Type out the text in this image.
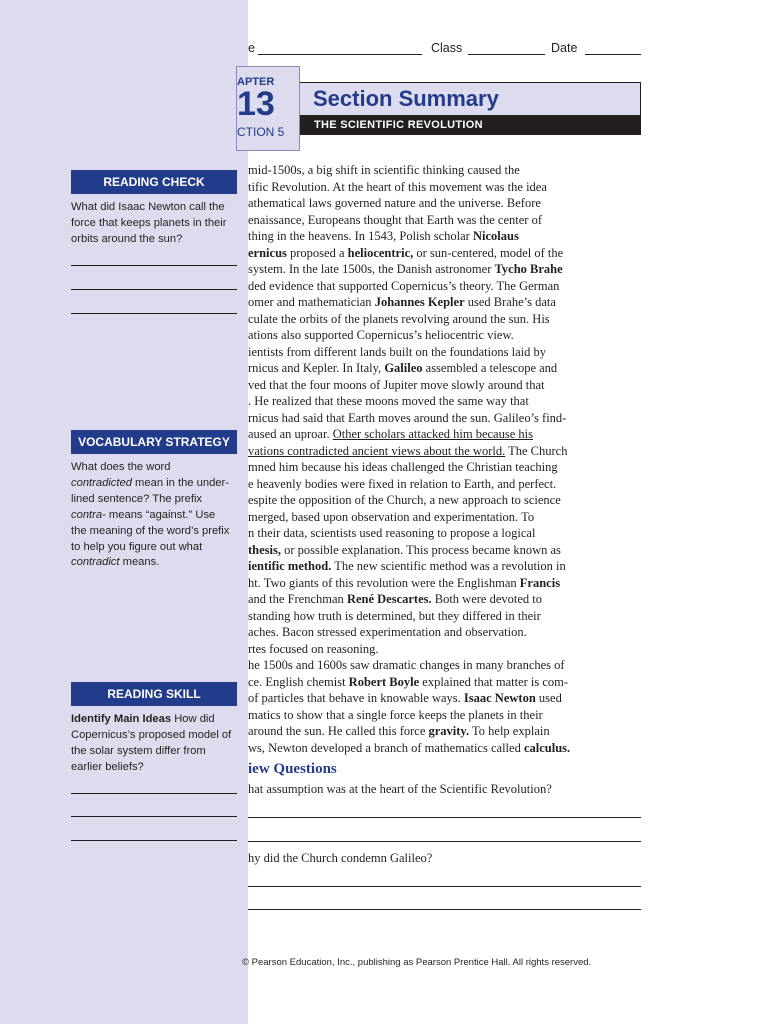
READING CHECK
What did Isaac Newton call the force that keeps planets in their orbits around the sun?
VOCABULARY STRATEGY
What does the word
contradicted mean in the under-
lined sentence? The prefix
contra- means “against.” Use
the meaning of the word’s prefix
to help you figure out what
contradict means.
READING SKILL
Identify Main Ideas How did
Copernicus’s proposed model of
the solar system differ from
earlier beliefs?
e	Class	Date
APTER
13
CTION 5
Section Summary
THE SCIENTIFIC REVOLUTION
mid-1500s, a big shift in scientific thinking caused the
tific Revolution. At the heart of this movement was the idea
athematical laws governed nature and the universe. Before
enaissance, Europeans thought that Earth was the center of
thing in the heavens. In 1543, Polish scholar Nicolaus
ernicus proposed a heliocentric, or sun-centered, model of the
system. In the late 1500s, the Danish astronomer Tycho Brahe
ded evidence that supported Copernicus’s theory. The German
omer and mathematician Johannes Kepler used Brahe’s data
culate the orbits of the planets revolving around the sun. His
ations also supported Copernicus’s heliocentric view.
ientists from different lands built on the foundations laid by
rnicus and Kepler. In Italy, Galileo assembled a telescope and
ved that the four moons of Jupiter move slowly around that
. He realized that these moons moved the same way that
rnicus had said that Earth moves around the sun. Galileo’s find-
aused an uproar. Other scholars attacked him because his
vations contradicted ancient views about the world. The Church
mned him because his ideas challenged the Christian teaching
e heavenly bodies were fixed in relation to Earth, and perfect.
espite the opposition of the Church, a new approach to science
merged, based upon observation and experimentation. To
n their data, scientists used reasoning to propose a logical
thesis, or possible explanation. This process became known as
ientific method. The new scientific method was a revolution in
ht. Two giants of this revolution were the Englishman Francis
and the Frenchman René Descartes. Both were devoted to
standing how truth is determined, but they differed in their
aches. Bacon stressed experimentation and observation.
rtes focused on reasoning.
he 1500s and 1600s saw dramatic changes in many branches of
ce. English chemist Robert Boyle explained that matter is com-
of particles that behave in knowable ways. Isaac Newton used
matics to show that a single force keeps the planets in their
around the sun. He called this force gravity. To help explain
ws, Newton developed a branch of mathematics called calculus.
iew Questions
hat assumption was at the heart of the Scientific Revolution?
hy did the Church condemn Galileo?
© Pearson Education, Inc., publishing as Pearson Prentice Hall. All rights reserved.
